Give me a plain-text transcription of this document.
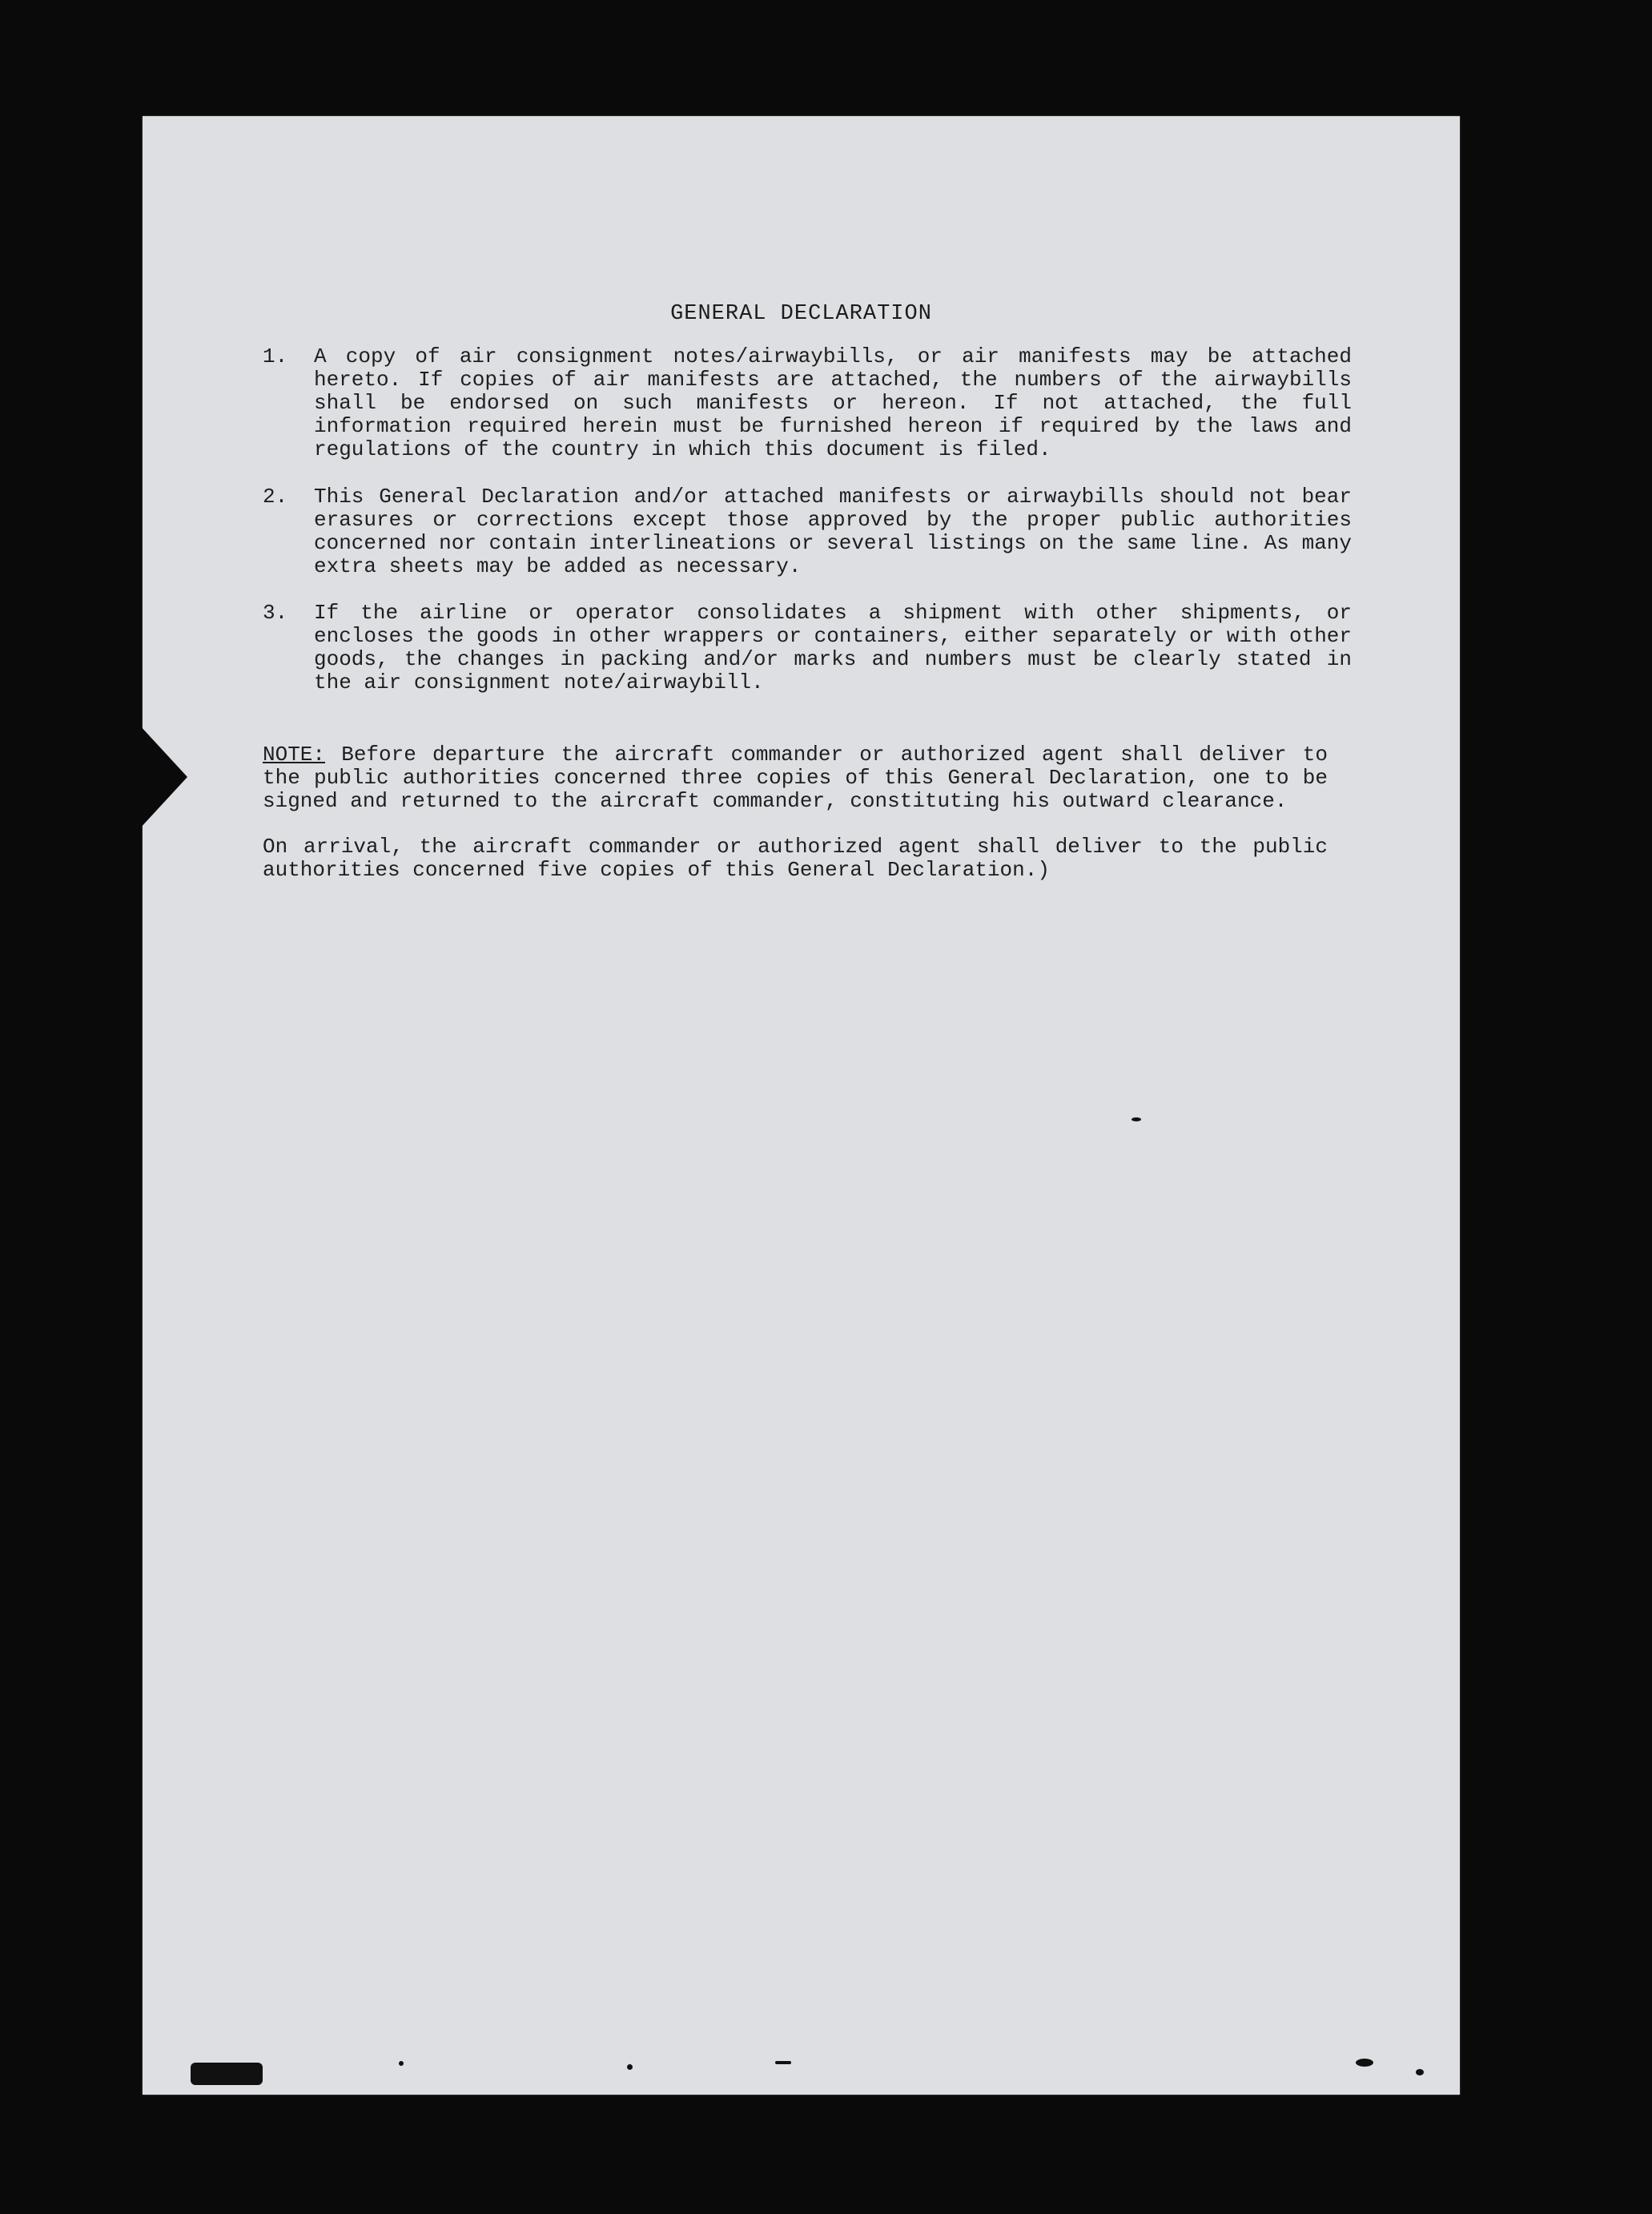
GENERAL DECLARATION
1.	A copy of air consignment notes/airwaybills, or air manifests may be attached hereto. If copies of air manifests are attached, the numbers of the airwaybills shall be endorsed on such manifests or hereon. If not attached, the full information required herein must be furnished hereon if required by the laws and regulations of the country in which this document is filed.
2.	This General Declaration and/or attached manifests or airwaybills should not bear erasures or corrections except those approved by the proper public authorities concerned nor contain interlineations or several listings on the same line. As many extra sheets may be added as necessary.
3.	If the airline or operator consolidates a shipment with other shipments, or encloses the goods in other wrappers or containers, either separately or with other goods, the changes in packing and/or marks and numbers must be clearly stated in the air consignment note/airwaybill.
NOTE: Before departure the aircraft commander or authorized agent shall deliver to the public authorities concerned three copies of this General Declaration, one to be signed and returned to the aircraft commander, constituting his outward clearance.
On arrival, the aircraft commander or authorized agent shall deliver to the public authorities concerned five copies of this General Declaration.)
